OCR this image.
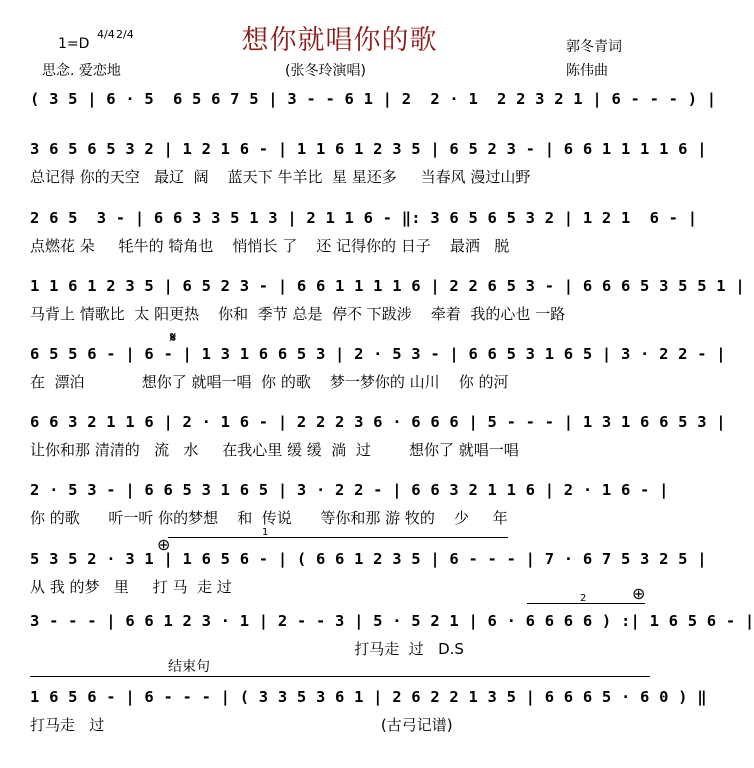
想你就唱你的歌
1=D
4/4 2/4
思念. 爱恋地	(张冬玲演唱)
郭冬青词
陈伟曲
( 3 5 | 6 · 5  6 5 6 7 5 | 3 - - 6 1 | 2  2 · 1  2 2 3 2 1 | 6 - - - ) |
3 6 5 6 5 3 2 | 1 2 1 6 - | 1 1 6 1 2 3 5 | 6 5 2 3 - | 6 6 1 1 1 1 6 |
总记得 你的天空   最辽  阔    蓝天下 牛羊比  星 星还多     当春风 漫过山野
2 6 5  3 - | 6 6 3 3 5 1 3 | 2 1 1 6 - ‖: 3 6 5 6 5 3 2 | 1 2 1  6 - |
点燃花 朵     牦牛的 犄角也    悄悄长 了    还 记得你的 日子    最洒   脱
1 1 6 1 2 3 5 | 6 5 2 3 - | 6 6 1 1 1 1 6 | 2 2 6 5 3 - | 6 6 6 5 3 5 5 1 |
马背上 情歌比  太 阳更热    你和  季节 总是  停不 下跋涉    牵着  我的心也 一路
𝄋
6 5 5 6 - | 6 - | 1 3 1 6 6 5 3 | 2 · 5 3 - | 6 6 5 3 1 6 5 | 3 · 2 2 - |
在  漂泊            想你了 就唱一唱  你 的歌    梦一梦你的 山川    你 的河
6 6 3 2 1 1 6 | 2 · 1 6 - | 2 2 2 3 6 · 6 6 6 | 5 - - - | 1 3 1 6 6 5 3 |
让你和那 清清的   流   水     在我心里 缓 缓  淌  过        想你了 就唱一唱
2 · 5 3 - | 6 6 5 3 1 6 5 | 3 · 2 2 - | 6 6 3 2 1 1 6 | 2 · 1 6 - |
你 的歌      听一听 你的梦想    和  传说      等你和那 游 牧的    少     年
⊕
1
5 3 5 2 · 3 1 | 1 6 5 6 - | ( 6 6 1 2 3 5 | 6 - - - | 7 · 6 7 5 3 2 5 |
从 我 的梦   里     打 马  走 过	⊕
2
3 - - - | 6 6 1 2 3 · 1 | 2 - - 3 | 5 · 5 2 1 | 6 · 6 6 6 6 ) :| 1 6 5 6 - |
打马走  过   D.S
结束句
1 6 5 6 - | 6 - - - | ( 3 3 5 3 6 1 | 2 6 2 2 1 3 5 | 6 6 6 5 · 6 0 ) ‖
打马走   过                                                          (古弓记谱)
